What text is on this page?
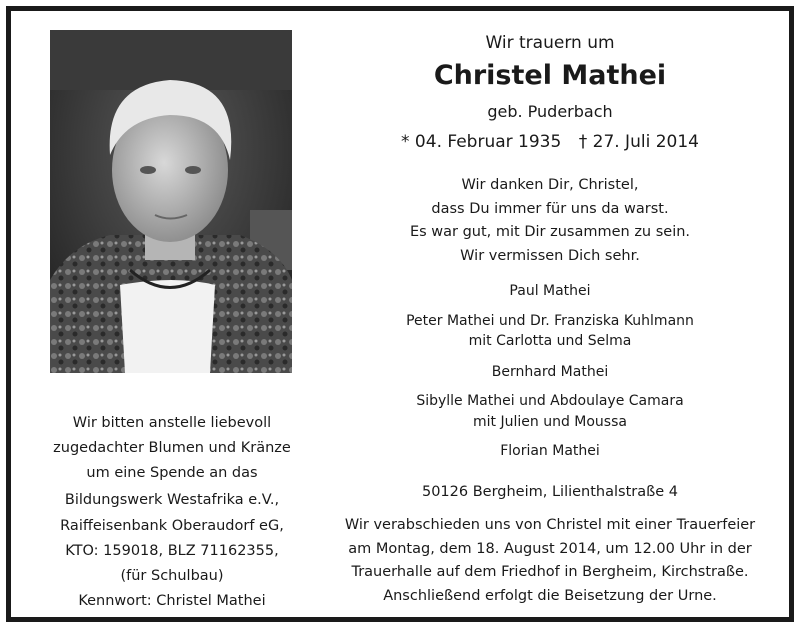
Wir trauern um
Christel Mathei
geb. Puderbach
* 04. Februar 1935 † 27. Juli 2014
Wir danken Dir, Christel,
dass Du immer für uns da warst.
Es war gut, mit Dir zusammen zu sein.
Wir vermissen Dich sehr.
Paul Mathei
Peter Mathei und Dr. Franziska Kuhlmann
mit Carlotta und Selma
Bernhard Mathei
Sibylle Mathei und Abdoulaye Camara
mit Julien und Moussa
Florian Mathei
50126 Bergheim, Lilienthalstraße 4
Wir verabschieden uns von Christel mit einer Trauerfeier
am Montag, dem 18. August 2014, um 12.00 Uhr in der
Trauerhalle auf dem Friedhof in Bergheim, Kirchstraße.
Anschließend erfolgt die Beisetzung der Urne.
Wir bitten anstelle liebevoll
zugedachter Blumen und Kränze
um eine Spende an das
Bildungswerk Westafrika e.V.,
Raiffeisenbank Oberaudorf eG,
KTO: 159018, BLZ 71162355,
(für Schulbau)
Kennwort: Christel Mathei
